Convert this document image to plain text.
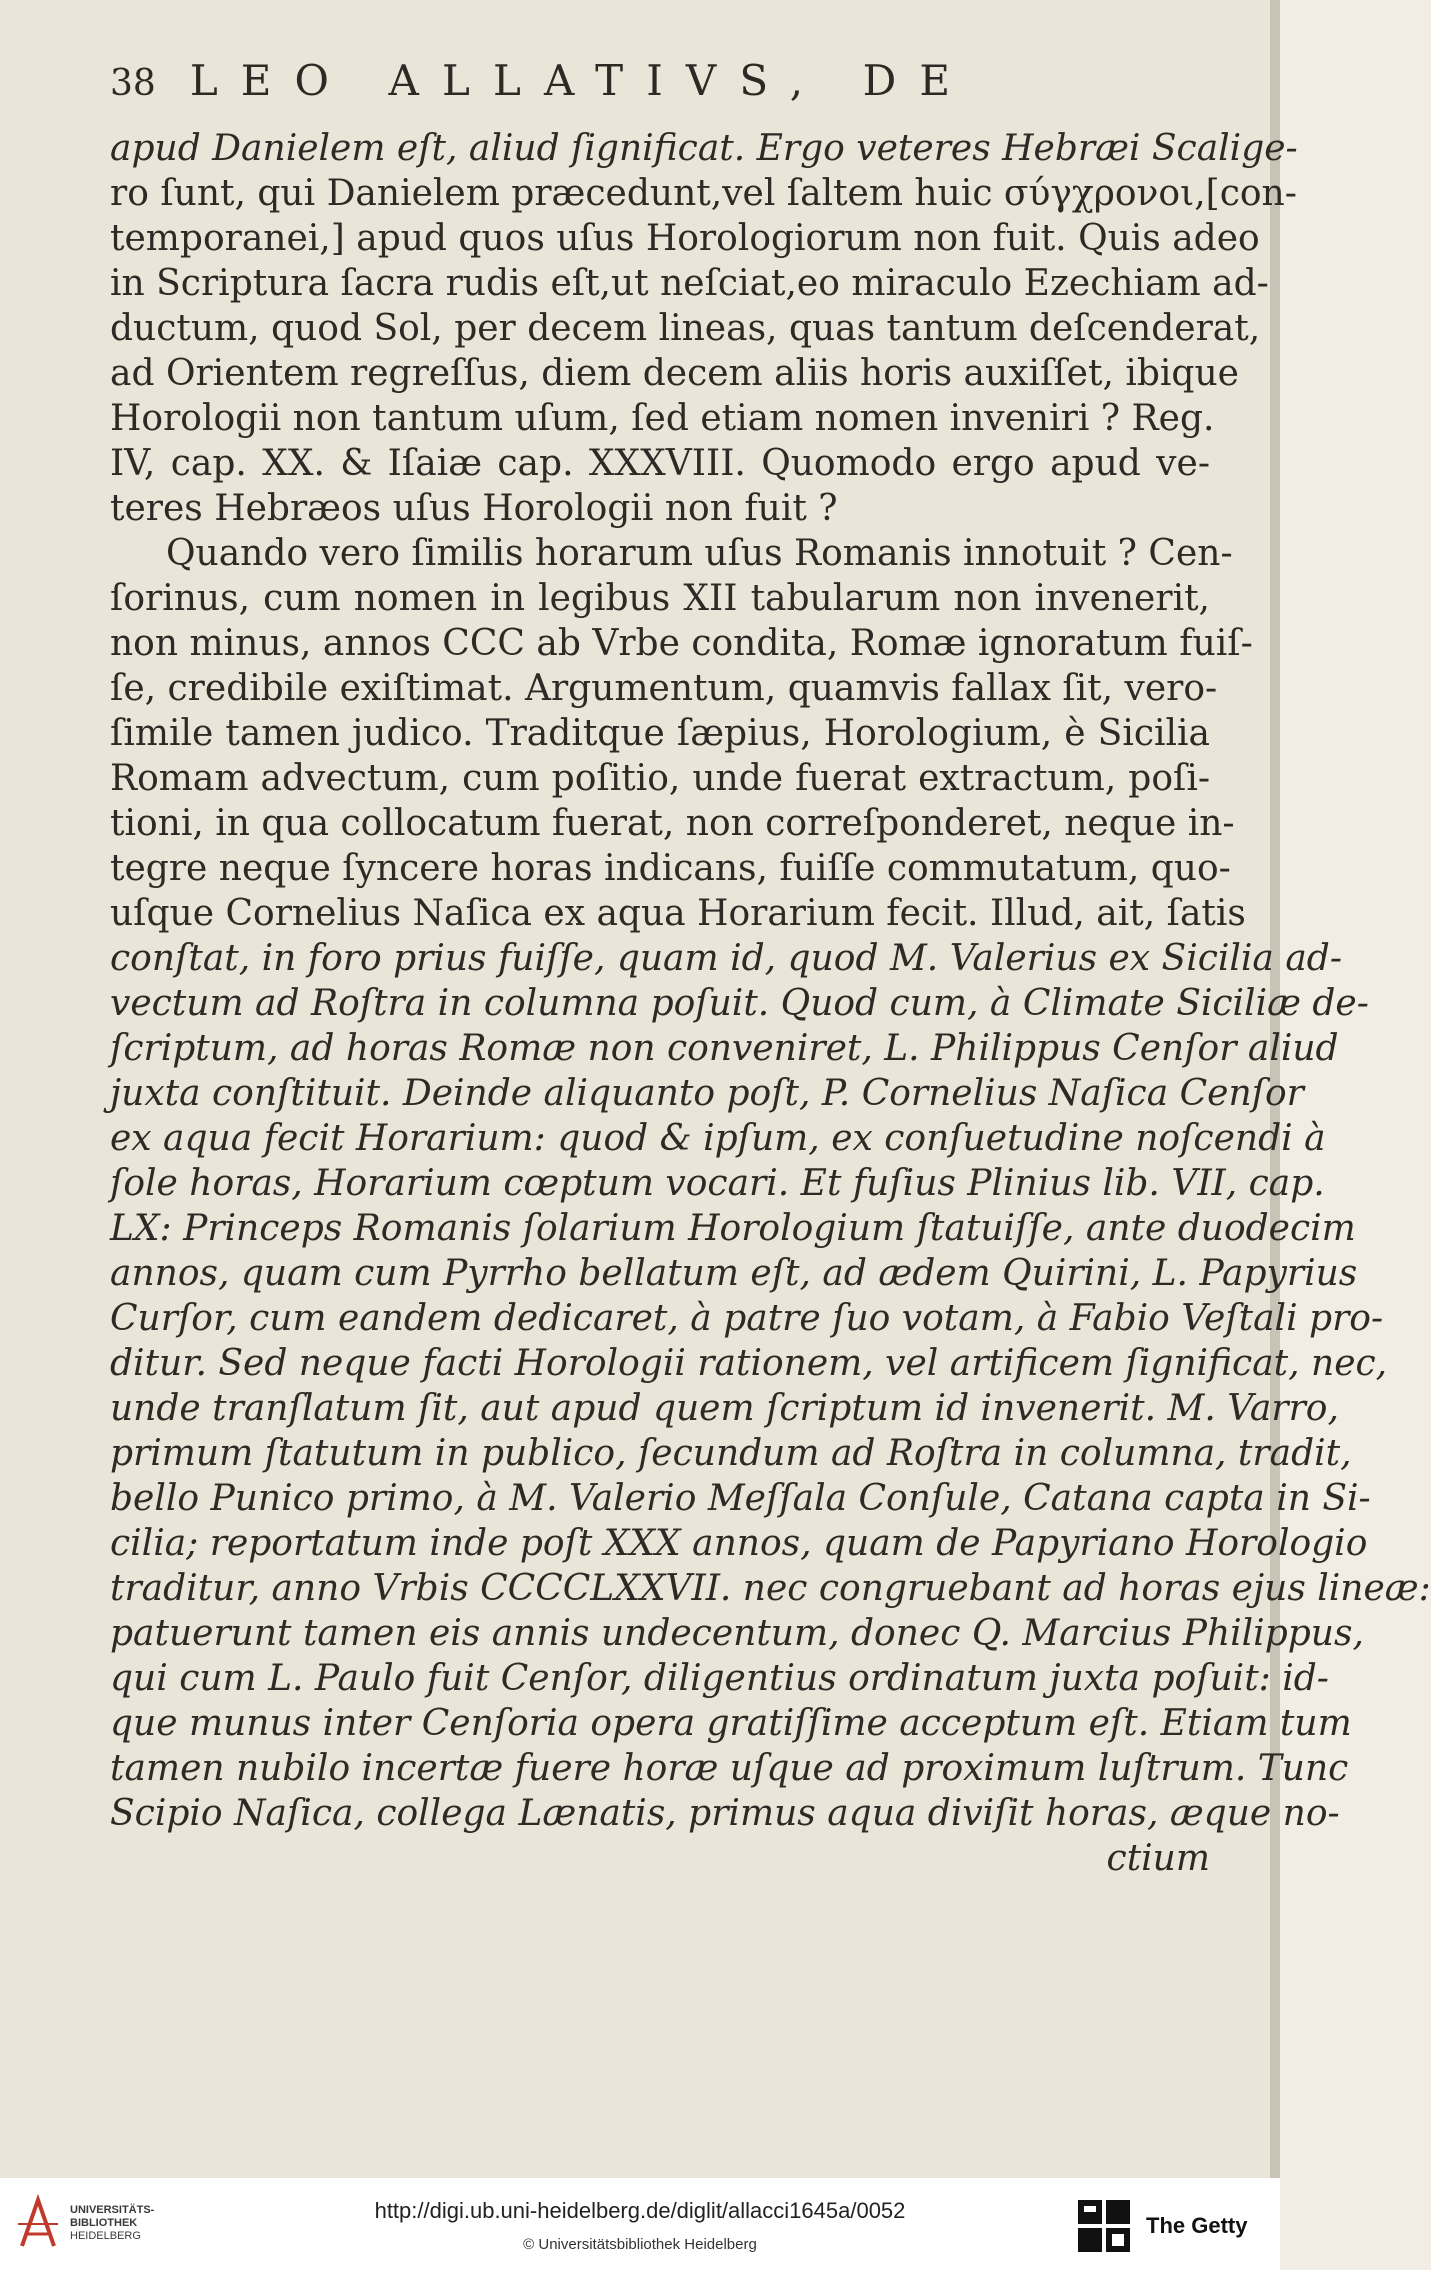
38 LEO ALLATIVS, DE
apud Danielem eſt, aliud ſignificat. Ergo veteres Hebræi Scalige-
ro ſunt, qui Danielem præcedunt,vel ſaltem huic σύγχρονοι,[con-
temporanei,] apud quos uſus Horologiorum non fuit. Quis adeo
in Scriptura ſacra rudis eſt,ut neſciat,eo miraculo Ezechiam ad-
ductum, quod Sol, per decem lineas, quas tantum deſcenderat,
ad Orientem regreſſus, diem decem aliis horis auxiſſet, ibique
Horologii non tantum uſum, ſed etiam nomen inveniri ? Reg.
IV, cap. XX. & Iſaiæ cap. XXXVIII. Quomodo ergo apud ve-
teres Hebræos uſus Horologii non fuit ?
Quando vero ſimilis horarum uſus Romanis innotuit ? Cen-
ſorinus, cum nomen in legibus XII tabularum non invenerit,
non minus, annos CCC ab Vrbe condita, Romæ ignoratum fuiſ-
ſe, credibile exiſtimat. Argumentum, quamvis fallax ſit, vero-
ſimile tamen judico. Traditque ſæpius, Horologium, è Sicilia
Romam advectum, cum poſitio, unde fuerat extractum, poſi-
tioni, in qua collocatum fuerat, non correſponderet, neque in-
tegre neque ſyncere horas indicans, fuiſſe commutatum, quo-
uſque Cornelius Naſica ex aqua Horarium fecit. Illud, ait, ſatis
conſtat, in foro prius fuiſſe, quam id, quod M. Valerius ex Sicilia ad-
vectum ad Roſtra in columna poſuit. Quod cum, à Climate Siciliæ de-
ſcriptum, ad horas Romæ non conveniret, L. Philippus Cenſor aliud
juxta conſtituit. Deinde aliquanto poſt, P. Cornelius Naſica Cenſor
ex aqua fecit Horarium: quod & ipſum, ex conſuetudine noſcendi à
ſole horas, Horarium cœptum vocari. Et fuſius Plinius lib. VII, cap.
LX: Princeps Romanis ſolarium Horologium ſtatuiſſe, ante duodecim
annos, quam cum Pyrrho bellatum eſt, ad ædem Quirini, L. Papyrius
Curſor, cum eandem dedicaret, à patre ſuo votam, à Fabio Veſtali pro-
ditur. Sed neque facti Horologii rationem, vel artificem ſignificat, nec,
unde tranſlatum ſit, aut apud quem ſcriptum id invenerit. M. Varro,
primum ſtatutum in publico, ſecundum ad Roſtra in columna, tradit,
bello Punico primo, à M. Valerio Meſſala Conſule, Catana capta in Si-
cilia; reportatum inde poſt XXX annos, quam de Papyriano Horologio
traditur, anno Vrbis CCCCLXXVII. nec congruebant ad horas ejus lineæ:
patuerunt tamen eis annis undecentum, donec Q. Marcius Philippus,
qui cum L. Paulo fuit Cenſor, diligentius ordinatum juxta poſuit: id-
que munus inter Cenſoria opera gratiſſime acceptum eſt. Etiam tum
tamen nubilo incertæ fuere horæ uſque ad proximum luſtrum. Tunc
Scipio Naſica, collega Lænatis, primus aqua diviſit horas, æque no-
ctium
UNIVERSITÄTS-
BIBLIOTHEK
HEIDELBERG
http://digi.ub.uni-heidelberg.de/diglit/allacci1645a/0052
© Universitätsbibliothek Heidelberg
The Getty
